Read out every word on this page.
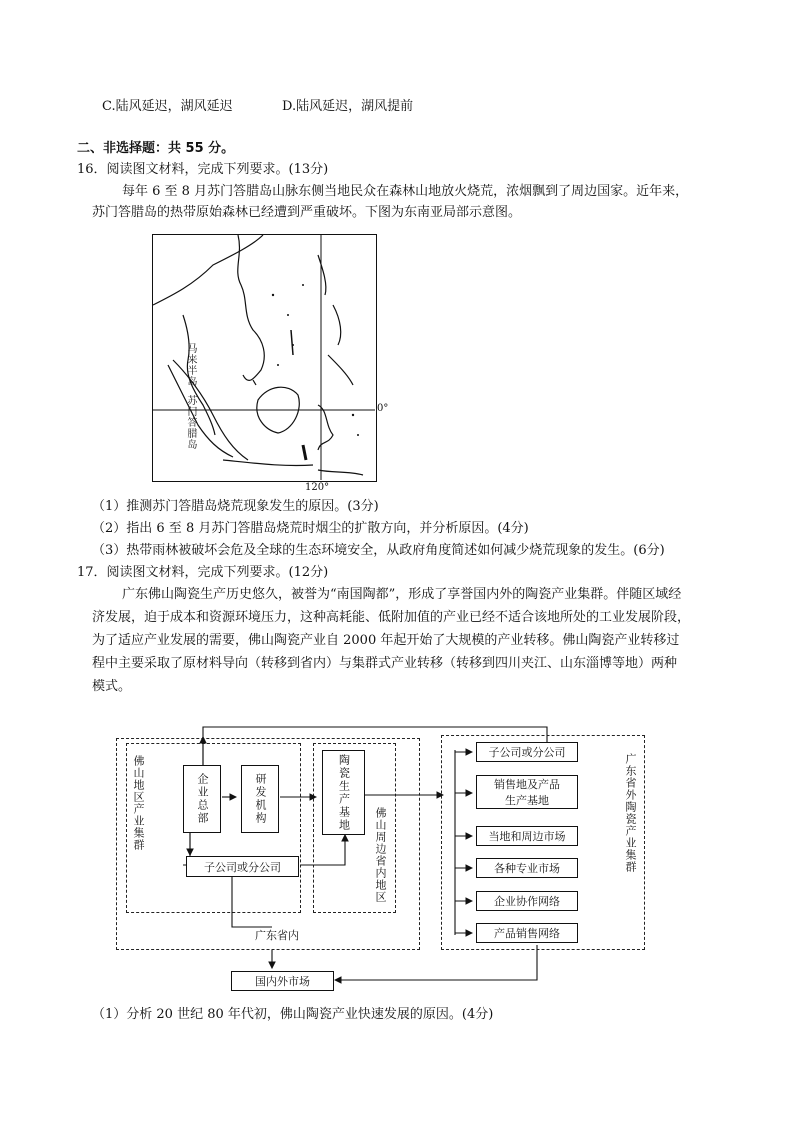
C.陆风延迟，湖风延迟	D.陆风延迟，湖风提前
二、非选择题：共 55 分。
16．阅读图文材料，完成下列要求。(13分)
每年 6 至 8 月苏门答腊岛山脉东侧当地民众在森林山地放火烧荒，浓烟飘到了周边国家。近年来，
苏门答腊岛的热带原始森林已经遭到严重破坏。下图为东南亚局部示意图。
马来半岛
苏门答腊岛	0°
120°
（1）推测苏门答腊岛烧荒现象发生的原因。(3分)
（2）指出 6 至 8 月苏门答腊岛烧荒时烟尘的扩散方向，并分析原因。(4分)
（3）热带雨林被破坏会危及全球的生态环境安全，从政府角度简述如何减少烧荒现象的发生。(6分)
17．阅读图文材料，完成下列要求。(12分)
广东佛山陶瓷生产历史悠久，被誉为“南国陶都”，形成了享誉国内外的陶瓷产业集群。伴随区域经
济发展，迫于成本和资源环境压力，这种高耗能、低附加值的产业已经不适合该地所处的工业发展阶段，
为了适应产业发展的需要，佛山陶瓷产业自 2000 年起开始了大规模的产业转移。佛山陶瓷产业转移过
程中主要采取了原材料导向（转移到省内）与集群式产业转移（转移到四川夹江、山东淄博等地）两种
模式。
佛山地区产业集群	企业总部	研发机构
子公司或分公司
陶瓷生产基地
佛山周边省内地区
广东省内
子公司或分公司
销售地及产品生产基地
当地和周边市场
各种专业市场
企业协作网络
产品销售网络
广东省外陶瓷产业集群
国内外市场
（1）分析 20 世纪 80 年代初，佛山陶瓷产业快速发展的原因。(4分)
